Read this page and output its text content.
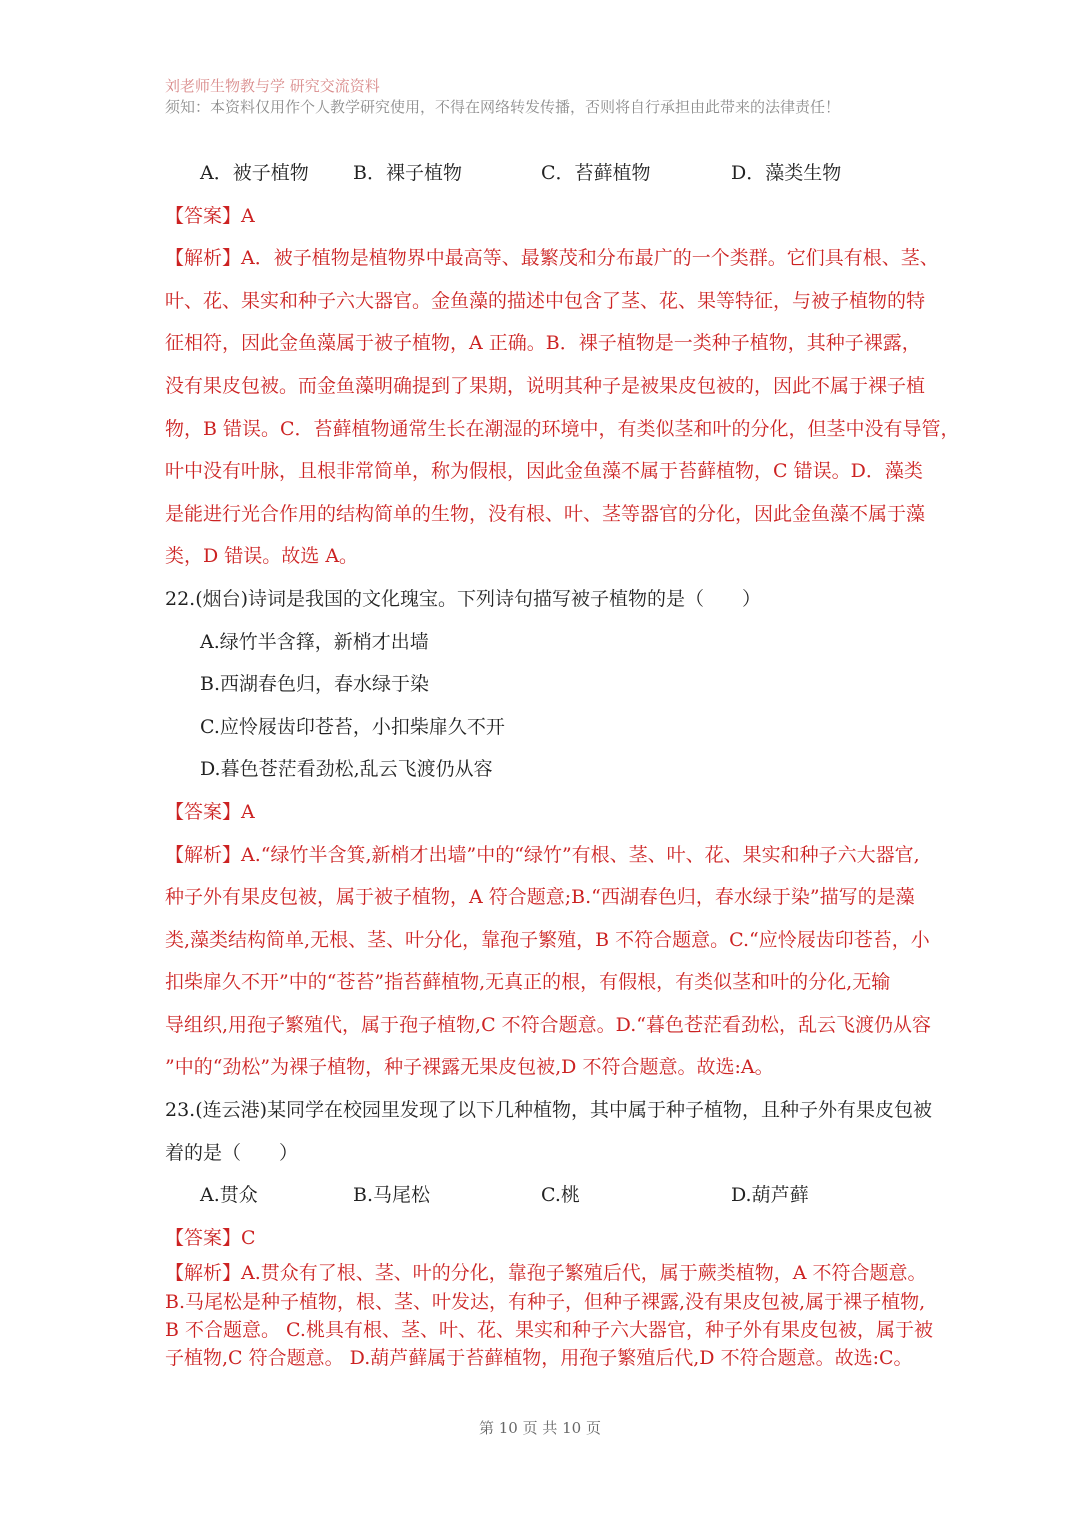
刘老师生物教与学 研究交流资料
须知：本资料仅用作个人教学研究使用，不得在网络转发传播，否则将自行承担由此带来的法律责任！
A．被子植物 B．裸子植物	C．苔藓植物	D．藻类生物
【答案】A
【解析】A．被子植物是植物界中最高等、最繁茂和分布最广的一个类群。它们具有根、茎、
叶、花、果实和种子六大器官。金鱼藻的描述中包含了茎、花、果等特征，与被子植物的特
征相符，因此金鱼藻属于被子植物，A 正确。B．裸子植物是一类种子植物，其种子裸露，
没有果皮包被。而金鱼藻明确提到了果期，说明其种子是被果皮包被的，因此不属于裸子植
物，B 错误。C．苔藓植物通常生长在潮湿的环境中，有类似茎和叶的分化，但茎中没有导管，
叶中没有叶脉，且根非常简单，称为假根，因此金鱼藻不属于苔藓植物，C 错误。D．藻类
是能进行光合作用的结构简单的生物，没有根、叶、茎等器官的分化，因此金鱼藻不属于藻
类，D 错误。故选 A。
22.(烟台)诗词是我国的文化瑰宝。下列诗句描写被子植物的是（　　）
A.绿竹半含箨，新梢才出墙
B.西湖春色归，春水绿于染
C.应怜屐齿印苍苔，小扣柴扉久不开
D.暮色苍茫看劲松,乱云飞渡仍从容
【答案】A
【解析】A.“绿竹半含箕,新梢才出墙”中的“绿竹”有根、茎、叶、花、果实和种子六大器官,
种子外有果皮包被，属于被子植物，A 符合题意;B.“西湖春色归，春水绿于染”描写的是藻
类,藻类结构简单,无根、茎、叶分化，靠孢子繁殖，B 不符合题意。C.“应怜屐齿印苍苔，小
扣柴扉久不开”中的“苍苔”指苔藓植物,无真正的根，有假根，有类似茎和叶的分化,无输
导组织,用孢子繁殖代，属于孢子植物,C 不符合题意。D.“暮色苍茫看劲松，乱云飞渡仍从容
”中的“劲松”为裸子植物，种子裸露无果皮包被,D 不符合题意。故选:A。
23.(连云港)某同学在校园里发现了以下几种植物，其中属于种子植物，且种子外有果皮包被
着的是（　　）
A.贯众	B.马尾松	C.桃	D.葫芦藓
【答案】C
【解析】A.贯众有了根、茎、叶的分化，靠孢子繁殖后代，属于蕨类植物，A 不符合题意。
B.马尾松是种子植物，根、茎、叶发达，有种子，但种子裸露,没有果皮包被,属于裸子植物,
B 不合题意。 C.桃具有根、茎、叶、花、果实和种子六大器官，种子外有果皮包被，属于被
子植物,C 符合题意。 D.葫芦藓属于苔藓植物，用孢子繁殖后代,D 不符合题意。故选:C。
第 10 页 共 10 页
